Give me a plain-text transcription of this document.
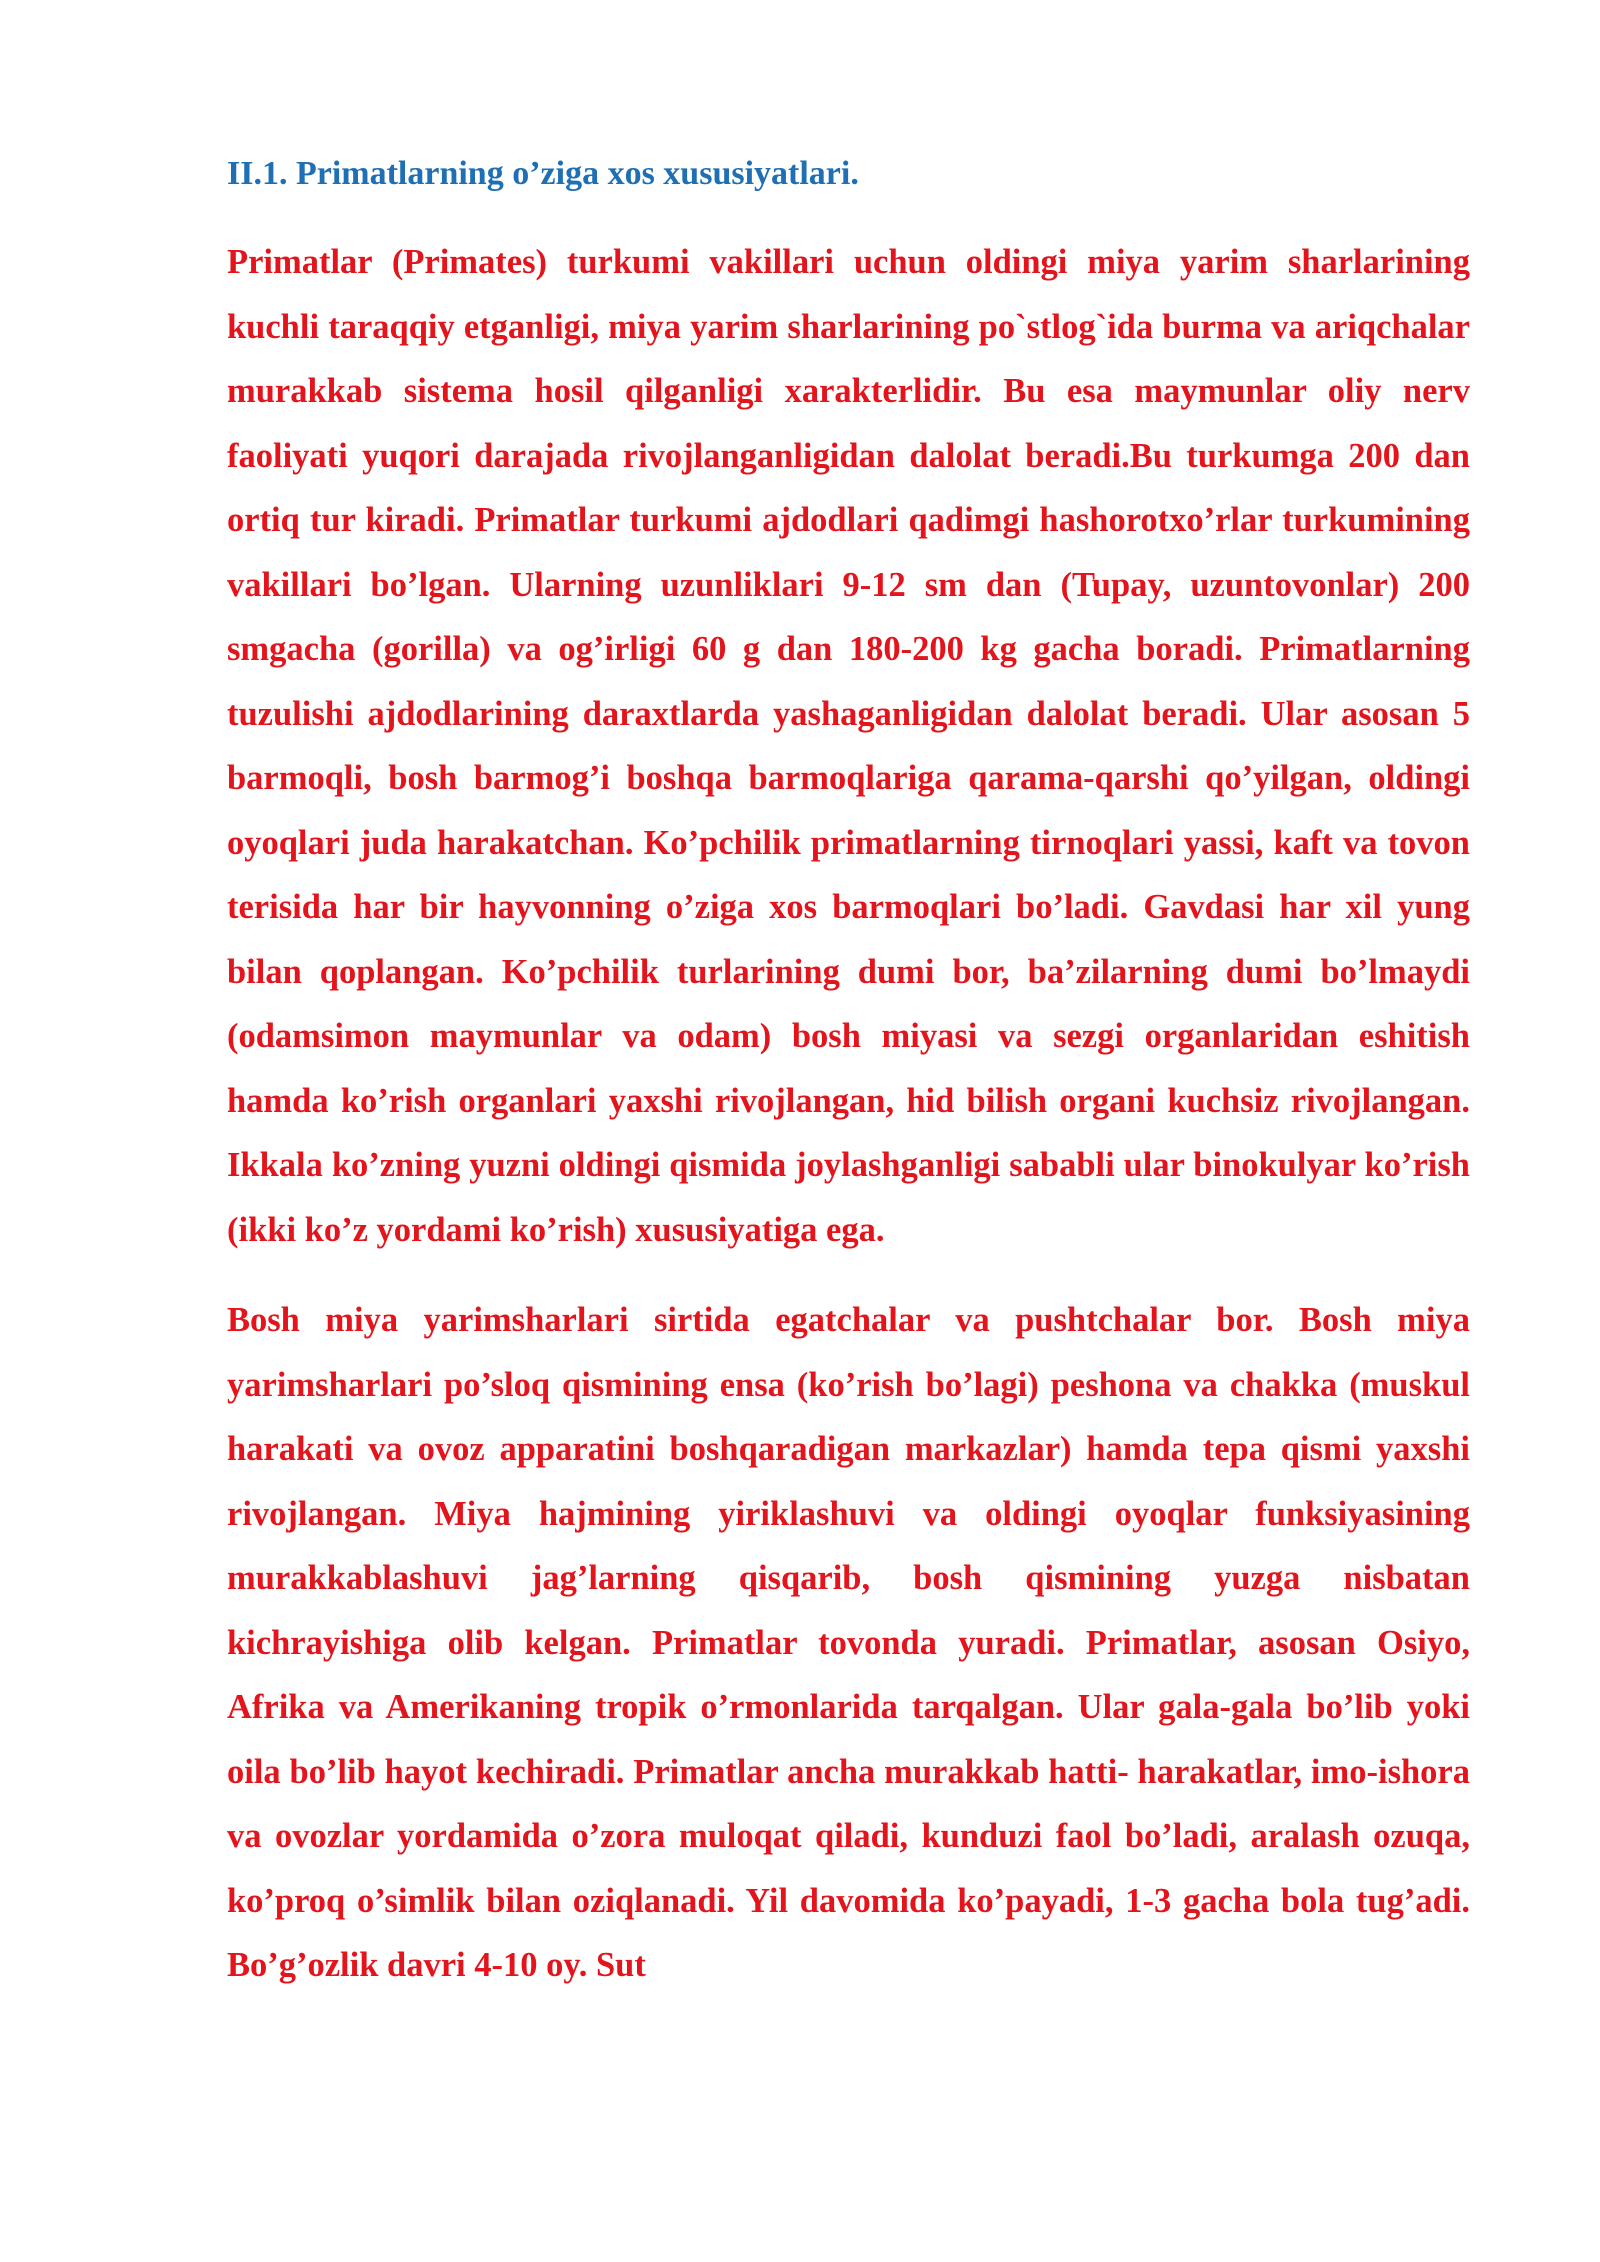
II.1. Primatlarning o’ziga xos xususiyatlari.

Primatlar (Primates) turkumi vakillari uchun oldingi miya yarim sharlarining kuchli taraqqiy etganligi, miya yarim sharlarining po`stlog`ida burma va ariqchalar murakkab sistema hosil qilganligi xarakterlidir. Bu esa maymunlar oliy nerv faoliyati yuqori darajada rivojlanganligidan dalolat beradi.Bu turkumga 200 dan ortiq tur kiradi. Primatlar turkumi ajdodlari qadimgi hashorotxo’rlar turkumining vakillari bo’lgan. Ularning uzunliklari 9-12 sm dan (Tupay, uzuntovonlar) 200 smgacha (gorilla) va og’irligi 60 g dan 180-200 kg gacha boradi. Primatlarning tuzulishi ajdodlarining daraxtlarda yashaganligidan dalolat beradi. Ular asosan 5 barmoqli, bosh barmog’i boshqa barmoqlariga qarama-qarshi qo’yilgan, oldingi oyoqlari juda harakatchan. Ko’pchilik primatlarning tirnoqlari yassi, kaft va tovon terisida har bir hayvonning o’ziga xos barmoqlari bo’ladi. Gavdasi har xil yung bilan qoplangan. Ko’pchilik turlarining dumi bor, ba’zilarning dumi bo’lmaydi (odamsimon maymunlar va odam) bosh miyasi va sezgi organlaridan eshitish hamda ko’rish organlari yaxshi rivojlangan, hid bilish organi kuchsiz rivojlangan. Ikkala ko’zning yuzni oldingi qismida joylashganligi sababli ular binokulyar ko’rish (ikki ko’z yordami ko’rish) xususiyatiga ega.

Bosh miya yarimsharlari sirtida egatchalar va pushtchalar bor. Bosh miya yarimsharlari po’sloq qismining ensa (ko’rish bo’lagi) peshona va chakka (muskul harakati va ovoz apparatini boshqaradigan markazlar) hamda tepa qismi yaxshi rivojlangan. Miya hajmining yiriklashuvi va oldingi oyoqlar funksiyasining murakkablashuvi jag’larning qisqarib, bosh qismining yuzga nisbatan kichrayishiga olib kelgan. Primatlar tovonda yuradi. Primatlar, asosan Osiyo, Afrika va Amerikaning tropik o’rmonlarida tarqalgan. Ular gala-gala bo’lib yoki oila bo’lib hayot kechiradi. Primatlar ancha murakkab hatti- harakatlar, imo-ishora va ovozlar yordamida o’zora muloqat qiladi, kunduzi faol bo’ladi, aralash ozuqa, ko’proq o’simlik bilan oziqlanadi. Yil davomida ko’payadi, 1-3 gacha bola tug’adi. Bo’g’ozlik davri 4-10 oy. Sut
